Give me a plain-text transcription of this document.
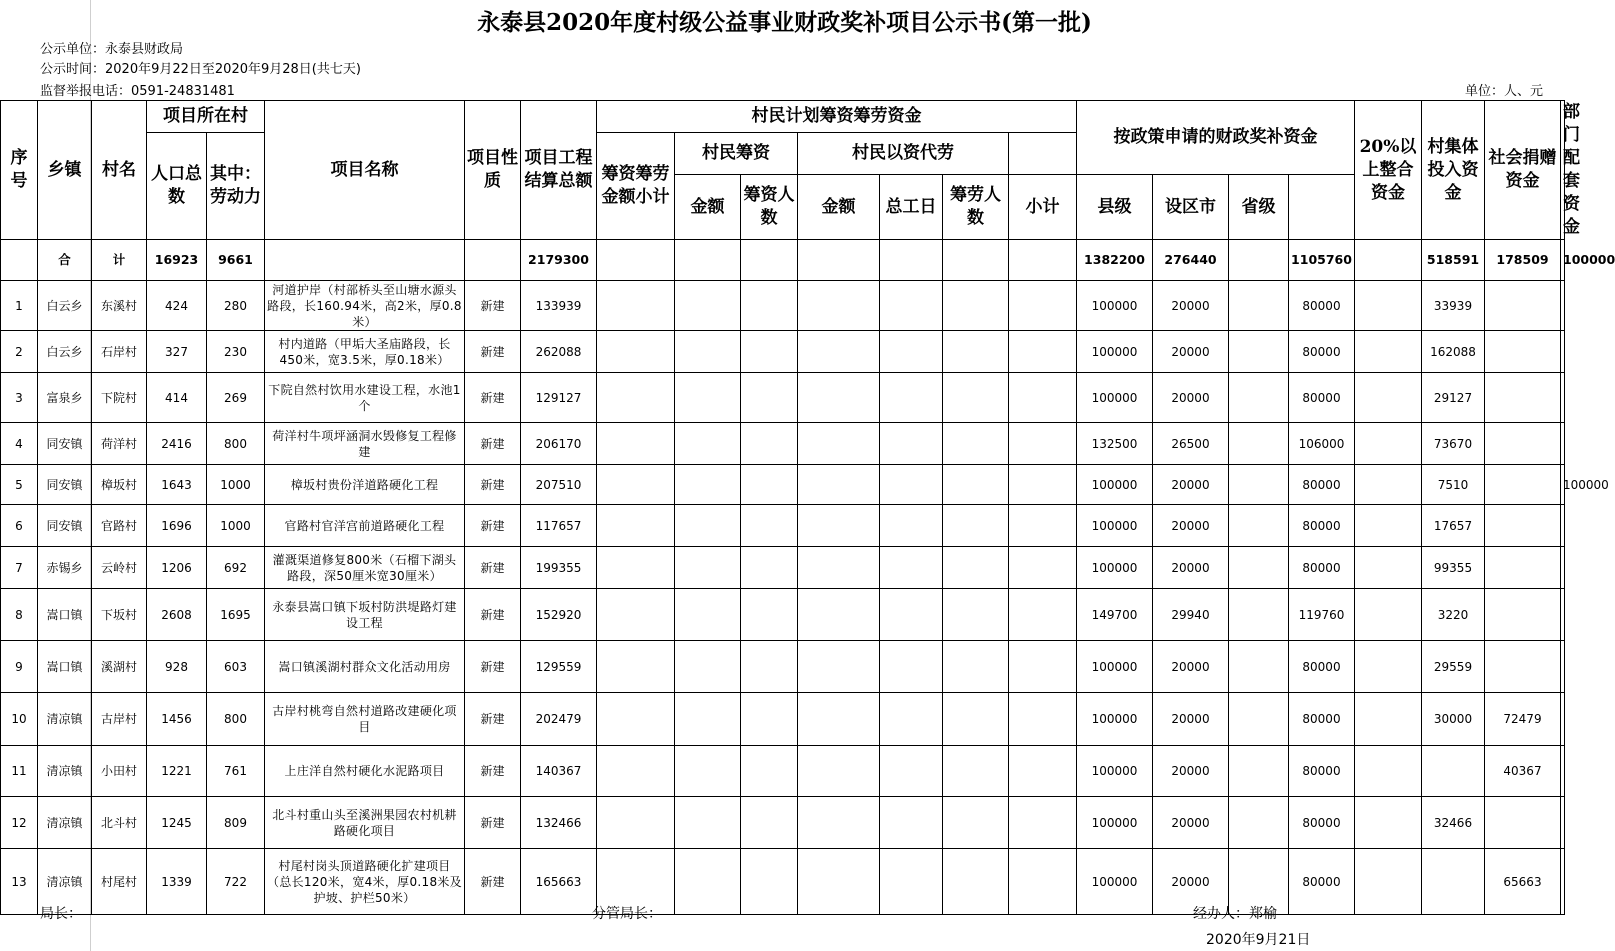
永泰县2020年度村级公益事业财政奖补项目公示书(第一批)
公示单位：永泰县财政局
公示时间：2020年9月22日至2020年9月28日(共七天)
监督举报电话：0591-24831481	单位：人、元
序号	乡镇	村名	项目所在村		项目名称	项目性质	项目工程结算总额	村民计划筹资筹劳资金							按政策申请的财政奖补资金				20%以上整合资金	村集体投入资金	社会捐赠资金	部门配套资金
			人口总数	其中：劳动力				筹资筹劳金额小计	村民筹资		村民以资代劳											
									金额	筹资人数	金额	总工日	筹劳人数	小计	县级	设区市	省级					

	合	计	16923	9661			2179300								1382200	276440		1105760		518591	178509	100000
1	白云乡	东溪村	424	280	河道护岸（村部桥头至山塘水源头路段，长160.94米，高2米，厚0.8米）	新建	133939								100000	20000		80000		33939		
2	白云乡	石岸村	327	230	村内道路（甲垢大圣庙路段，长450米，宽3.5米，厚0.18米）	新建	262088								100000	20000		80000		162088		
3	富泉乡	下院村	414	269	下院自然村饮用水建设工程，水池1个	新建	129127								100000	20000		80000		29127		
4	同安镇	荷洋村	2416	800	荷洋村牛项坪涵洞水毁修复工程修建	新建	206170								132500	26500		106000		73670		
5	同安镇	樟坂村	1643	1000	樟坂村贵份洋道路硬化工程	新建	207510								100000	20000		80000		7510		100000
6	同安镇	官路村	1696	1000	官路村官洋宫前道路硬化工程	新建	117657								100000	20000		80000		17657		
7	赤锡乡	云岭村	1206	692	灌溉渠道修复800米（石榴下湖头路段，深50厘米宽30厘米）	新建	199355								100000	20000		80000		99355		
8	嵩口镇	下坂村	2608	1695	永泰县嵩口镇下坂村防洪堤路灯建设工程	新建	152920								149700	29940		119760		3220		
9	嵩口镇	溪湖村	928	603	嵩口镇溪湖村群众文化活动用房	新建	129559								100000	20000		80000		29559		
10	清凉镇	古岸村	1456	800	古岸村桃弯自然村道路改建硬化项目	新建	202479								100000	20000		80000		30000	72479	
11	清凉镇	小田村	1221	761	上庄洋自然村硬化水泥路项目	新建	140367								100000	20000		80000			40367	
12	清凉镇	北斗村	1245	809	北斗村重山头至溪洲果园农村机耕路硬化项目	新建	132466								100000	20000		80000		32466		
13	清凉镇	村尾村	1339	722	村尾村岗头顶道路硬化扩建项目（总长120米，宽4米，厚0.18米及护坡、护栏50米）	新建	165663								100000	20000		80000			65663	
局长：	分管局长：	经办人：郑榆
2020年9月21日
